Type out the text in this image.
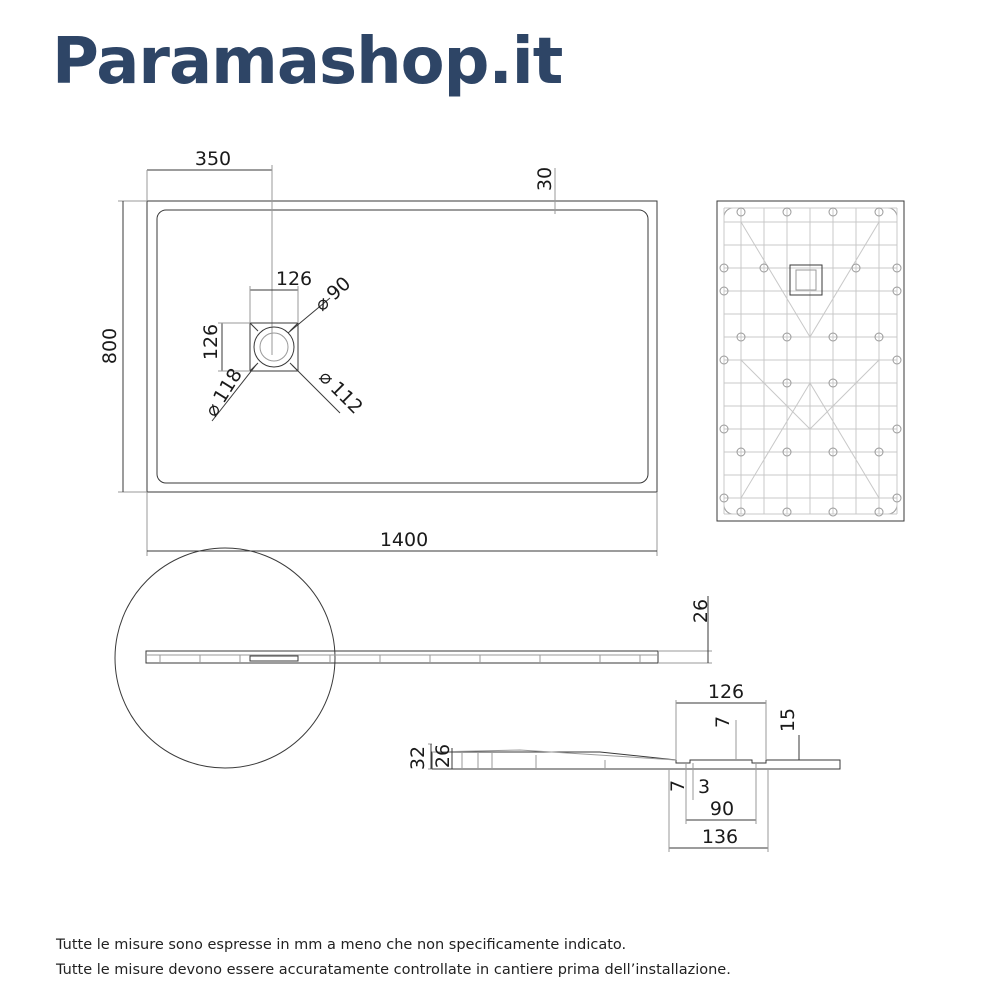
Paramashop.it
1400
800
350
30
126
126
⌀
90
⌀
118	⌀
112
26
32 26
126
7 15
7 3
90
136
Tutte le misure sono espresse in mm a meno che non specificamente indicato.
Tutte le misure devono essere accuratamente controllate in cantiere prima dell’installazione.
